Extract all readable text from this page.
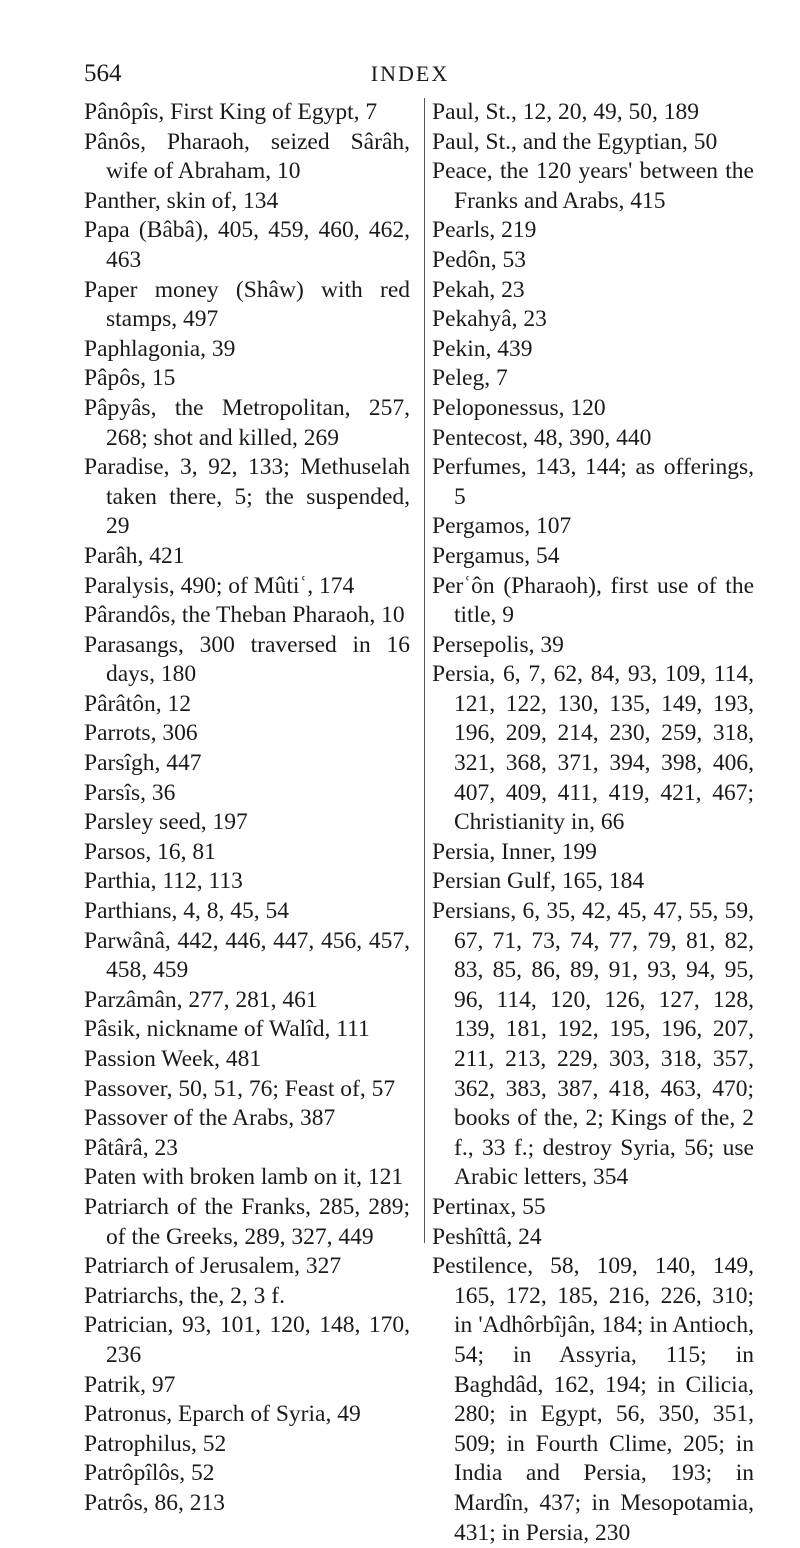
564	INDEX

Pânôpîs, First King of Egypt, 7

Pânôs, Pharaoh, seized Sârâh, wife of Abraham, 10

Panther, skin of, 134

Papa (Bâbâ), 405, 459, 460, 462, 463

Paper money (Shâw) with red stamps, 497

Paphlagonia, 39

Pâpôs, 15

Pâpyâs, the Metropolitan, 257, 268; shot and killed, 269

Paradise, 3, 92, 133; Methuselah taken there, 5; the suspended, 29

Parâh, 421

Paralysis, 490; of Mûtiʿ, 174

Pârandôs, the Theban Pharaoh, 10

Parasangs, 300 traversed in 16 days, 180

Pârâtôn, 12

Parrots, 306

Parsîgh, 447

Parsîs, 36

Parsley seed, 197

Parsos, 16, 81

Parthia, 112, 113

Parthians, 4, 8, 45, 54

Parwânâ, 442, 446, 447, 456, 457, 458, 459

Parzâmân, 277, 281, 461

Pâsik, nickname of Walîd, 111

Passion Week, 481

Passover, 50, 51, 76; Feast of, 57

Passover of the Arabs, 387

Pâtârâ, 23

Paten with broken lamb on it, 121

Patriarch of the Franks, 285, 289; of the Greeks, 289, 327, 449

Patriarch of Jerusalem, 327

Patriarchs, the, 2, 3 f.

Patrician, 93, 101, 120, 148, 170, 236

Patrik, 97

Patronus, Eparch of Syria, 49

Patrophilus, 52

Patrôpîlôs, 52

Patrôs, 86, 213

Paul, St., 12, 20, 49, 50, 189

Paul, St., and the Egyptian, 50

Peace, the 120 years' between the Franks and Arabs, 415

Pearls, 219

Pedôn, 53

Pekah, 23

Pekahyâ, 23

Pekin, 439

Peleg, 7

Peloponessus, 120

Pentecost, 48, 390, 440

Perfumes, 143, 144; as offerings, 5

Pergamos, 107

Pergamus, 54

Perʿôn (Pharaoh), first use of the title, 9

Persepolis, 39

Persia, 6, 7, 62, 84, 93, 109, 114, 121, 122, 130, 135, 149, 193, 196, 209, 214, 230, 259, 318, 321, 368, 371, 394, 398, 406, 407, 409, 411, 419, 421, 467; Christianity in, 66

Persia, Inner, 199

Persian Gulf, 165, 184

Persians, 6, 35, 42, 45, 47, 55, 59, 67, 71, 73, 74, 77, 79, 81, 82, 83, 85, 86, 89, 91, 93, 94, 95, 96, 114, 120, 126, 127, 128, 139, 181, 192, 195, 196, 207, 211, 213, 229, 303, 318, 357, 362, 383, 387, 418, 463, 470; books of the, 2; Kings of the, 2 f., 33 f.; destroy Syria, 56; use Arabic letters, 354

Pertinax, 55

Peshîttâ, 24

Pestilence, 58, 109, 140, 149, 165, 172, 185, 216, 226, 310; in 'Adhôrbîjân, 184; in Antioch, 54; in Assyria, 115; in Baghdâd, 162, 194; in Cilicia, 280; in Egypt, 56, 350, 351, 509; in Fourth Clime, 205; in India and Persia, 193; in Mardîn, 437; in Mesopotamia, 431; in Persia, 230
